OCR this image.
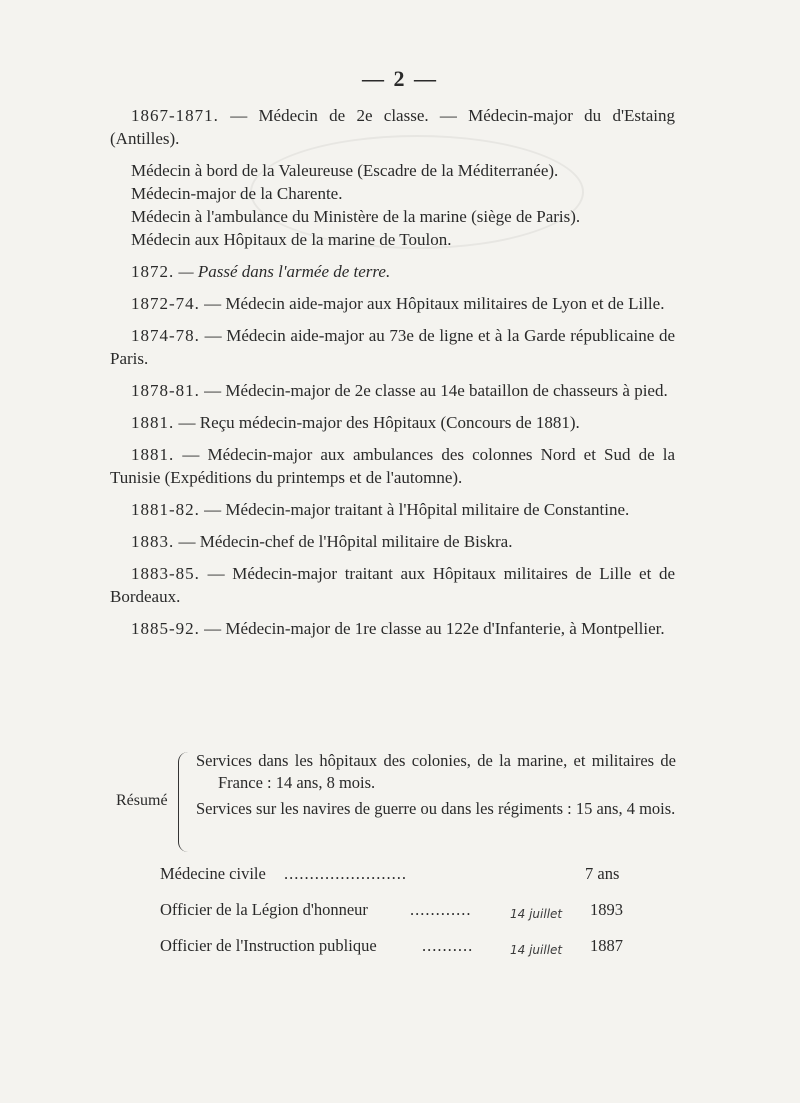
— 2 —

1867-1871. — Médecin de 2e classe. — Médecin-major du d'Estaing (Antilles).

Médecin à bord de la Valeureuse (Escadre de la Méditerranée).

Médecin-major de la Charente.

Médecin à l'ambulance du Ministère de la marine (siège de Paris).

Médecin aux Hôpitaux de la marine de Toulon.

1872. — Passé dans l'armée de terre.

1872-74. — Médecin aide-major aux Hôpitaux militaires de Lyon et de Lille.

1874-78. — Médecin aide-major au 73e de ligne et à la Garde républicaine de Paris.

1878-81. — Médecin-major de 2e classe au 14e bataillon de chasseurs à pied.

1881. — Reçu médecin-major des Hôpitaux (Concours de 1881).

1881. — Médecin-major aux ambulances des colonnes Nord et Sud de la Tunisie (Expéditions du printemps et de l'automne).

1881-82. — Médecin-major traitant à l'Hôpital militaire de Constantine.

1883. — Médecin-chef de l'Hôpital militaire de Biskra.

1883-85. — Médecin-major traitant aux Hôpitaux militaires de Lille et de Bordeaux.

1885-92. — Médecin-major de 1re classe au 122e d'Infanterie, à Montpellier.

Résumé

Services dans les hôpitaux des colonies, de la marine, et militaires de France : 14 ans, 8 mois.

Services sur les navires de guerre ou dans les régiments : 15 ans, 4 mois.

Médecine civile ........................	7 ans
Officier de la Légion d'honneur	............	14 juillet 1893
Officier de l'Instruction publique	..........	14 juillet 1887
